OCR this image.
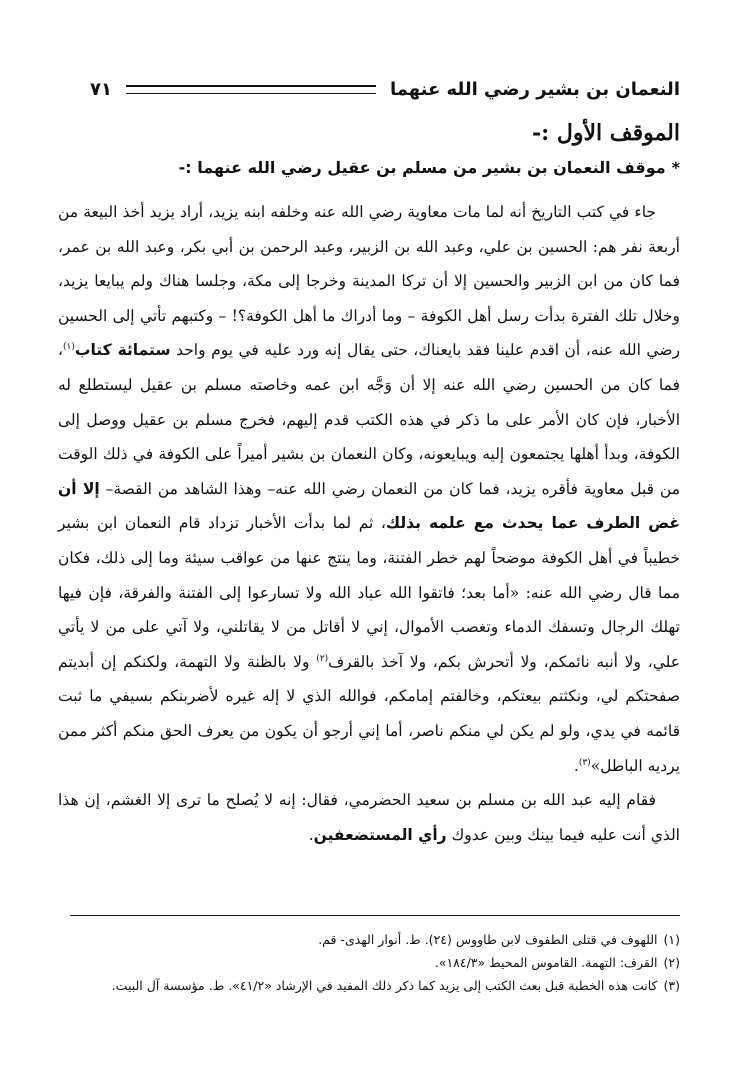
النعمان بن بشير رضي الله عنهما
٧١
الموقف الأول :-
*موقف النعمان بن بشير من مسلم بن عقيل رضي الله عنهما :-

جاء في كتب التاريخ أنه لما مات معاوية رضي الله عنه وخلفه ابنه يزيد، أراد يزيد أخذ البيعة من أربعة نفر هم: الحسين بن علي، وعبد الله بن الزبير، وعبد الرحمن بن أبي بكر، وعبد الله بن عمر، فما كان من ابن الزبير والحسين إلا أن تركا المدينة وخرجا إلى مكة، وجلسا هناك ولم يبايعا يزيد، وخلال تلك الفترة بدأت رسل أهل الكوفة – وما أدراك ما أهل الكوفة؟! – وكتبهم تأتي إلى الحسين رضي الله عنه، أن اقدم علينا فقد بايعناك، حتى يقال إنه ورد عليه في يوم واحد ستمائة كتاب$^{(١)}$، فما كان من الحسين رضي الله عنه إلا أن وَجَّه ابن عمه وخاصته مسلم بن عقيل ليستطلع له الأخبار، فإن كان الأمر على ما ذكر في هذه الكتب قدم إليهم، فخرج مسلم بن عقيل ووصل إلى الكوفة، وبدأ أهلها يجتمعون إليه ويبايعونه، وكان النعمان بن بشير أميراً على الكوفة في ذلك الوقت من قبل معاوية فأقره يزيد، فما كان من النعمان رضي الله عنه– وهذا الشاهد من القصة– إلا أن غض الطرف عما يحدث مع علمه بذلك، ثم لما بدأت الأخبار تزداد قام النعمان ابن بشير خطيباً في أهل الكوفة موضحاً لهم خطر الفتنة، وما ينتج عنها من عواقب سيئة وما إلى ذلك، فكان مما قال رضي الله عنه: «أما بعد؛ فاتقوا الله عباد الله ولا تسارعوا إلى الفتنة والفرقة، فإن فيها تهلك الرجال وتسفك الدماء وتغصب الأموال، إني لا أقاتل من لا يقاتلني، ولا آتي على من لا يأتي علي، ولا أنبه نائمكم، ولا أتحرش بكم، ولا آخذ بالقرف$^{(٢)}$ ولا بالظنة ولا التهمة، ولكنكم إن أبديتم صفحتكم لي، ونكثتم بيعتكم، وخالفتم إمامكم، فوالله الذي لا إله غيره لأضربنكم بسيفي ما ثبت قائمه في يدي، ولو لم يكن لي منكم ناصر، أما إني أرجو أن يكون من يعرف الحق منكم أكثر ممن يرديه الباطل»$^{(٣)}$.

فقام إليه عبد الله بن مسلم بن سعيد الحضرمي، فقال: إنه لا يُصلح ما ترى إلا الغشم، إن هذا الذي أنت عليه فيما بينك وبين عدوك رأي المستضعفين.

(١)اللهوف في قتلى الطفوف لابن طاووس (٢٤). ط. أنوار الهدى- قم.

(٢)القرف: التهمة. القاموس المحيط «١٨٤/٣».

(٣)كانت هذه الخطبة قبل بعث الكتب إلى يزيد كما ذكر ذلك المفيد في الإرشاد «٤١/٢». ط. مؤسسة آل البيت.
